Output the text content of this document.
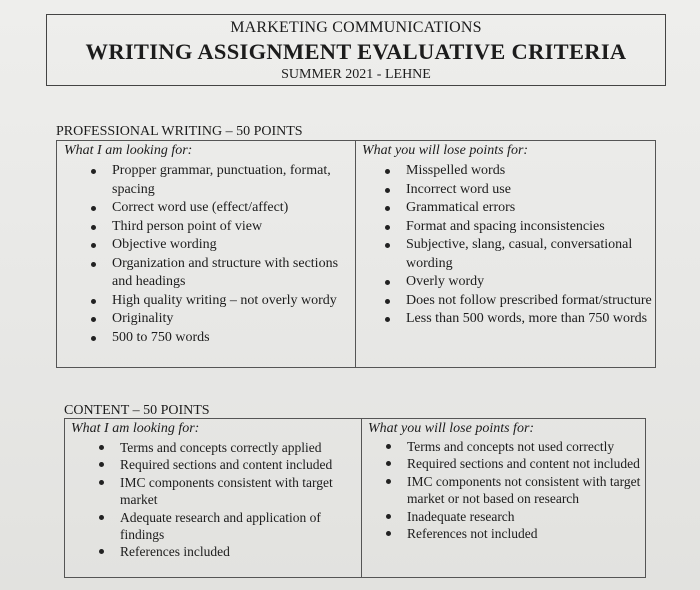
MARKETING COMMUNICATIONS
WRITING ASSIGNMENT EVALUATIVE CRITERIA
SUMMER 2021 - LEHNE
PROFESSIONAL WRITING – 50 POINTS
What I am looking for:
Propper grammar, punctuation, format, spacing
Correct word use (effect/affect)
Third person point of view
Objective wording
Organization and structure with sections and headings
High quality writing – not overly wordy
Originality
500 to 750 words
What you will lose points for:
Misspelled words
Incorrect word use
Grammatical errors
Format and spacing inconsistencies
Subjective, slang, casual, conversational wording
Overly wordy
Does not follow prescribed format/structure
Less than 500 words, more than 750 words
CONTENT – 50 POINTS
What I am looking for:
Terms and concepts correctly applied
Required sections and content included
IMC components consistent with target market
Adequate research and application of findings
References included
What you will lose points for:
Terms and concepts not used correctly
Required sections and content not included
IMC components not consistent with target market or not based on research
Inadequate research
References not included
